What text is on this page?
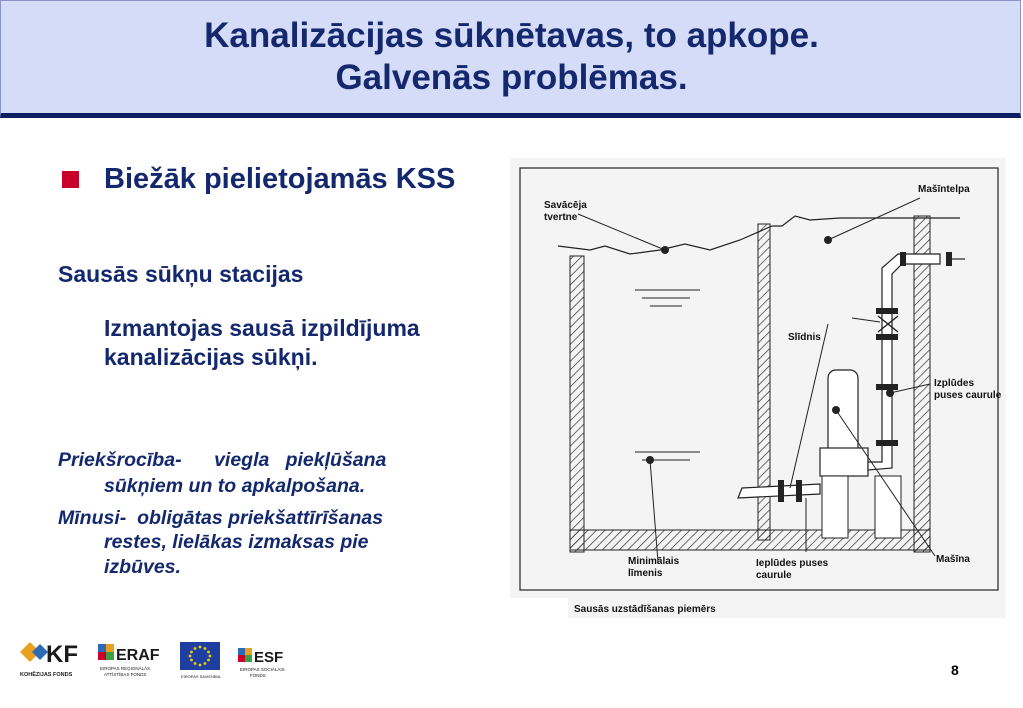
Kanalizācijas sūknētavas, to apkope.
Galvenās problēmas.
Biežāk pielietojamās KSS
Sausās sūkņu stacijas
Izmantojas sausā izpildījuma kanalizācijas sūkņi.
Priekšrocība-      viegla   piekļūšana
sūkņiem un to apkalpošana.
Mīnusi-  obligātas priekšattīrīšanas
restes, lielākas izmaksas pie
izbūves.
Savācēja
tvertne
Mašīntelpa
Slīdnis
Izplūdes
puses caurule
Minimālais
līmenis
Ieplūdes puses
caurule
Mašīna
Sausās uzstādīšanas piemērs
KF
KOHĒZIJAS FONDS
ERAF
EIROPAS REĢIONĀLĀS
ATTĪSTĪBAS FONDS	EIROPAS SAVIENĪBA
ESF
EIROPAS SOCIĀLAIS
FONDS	8
